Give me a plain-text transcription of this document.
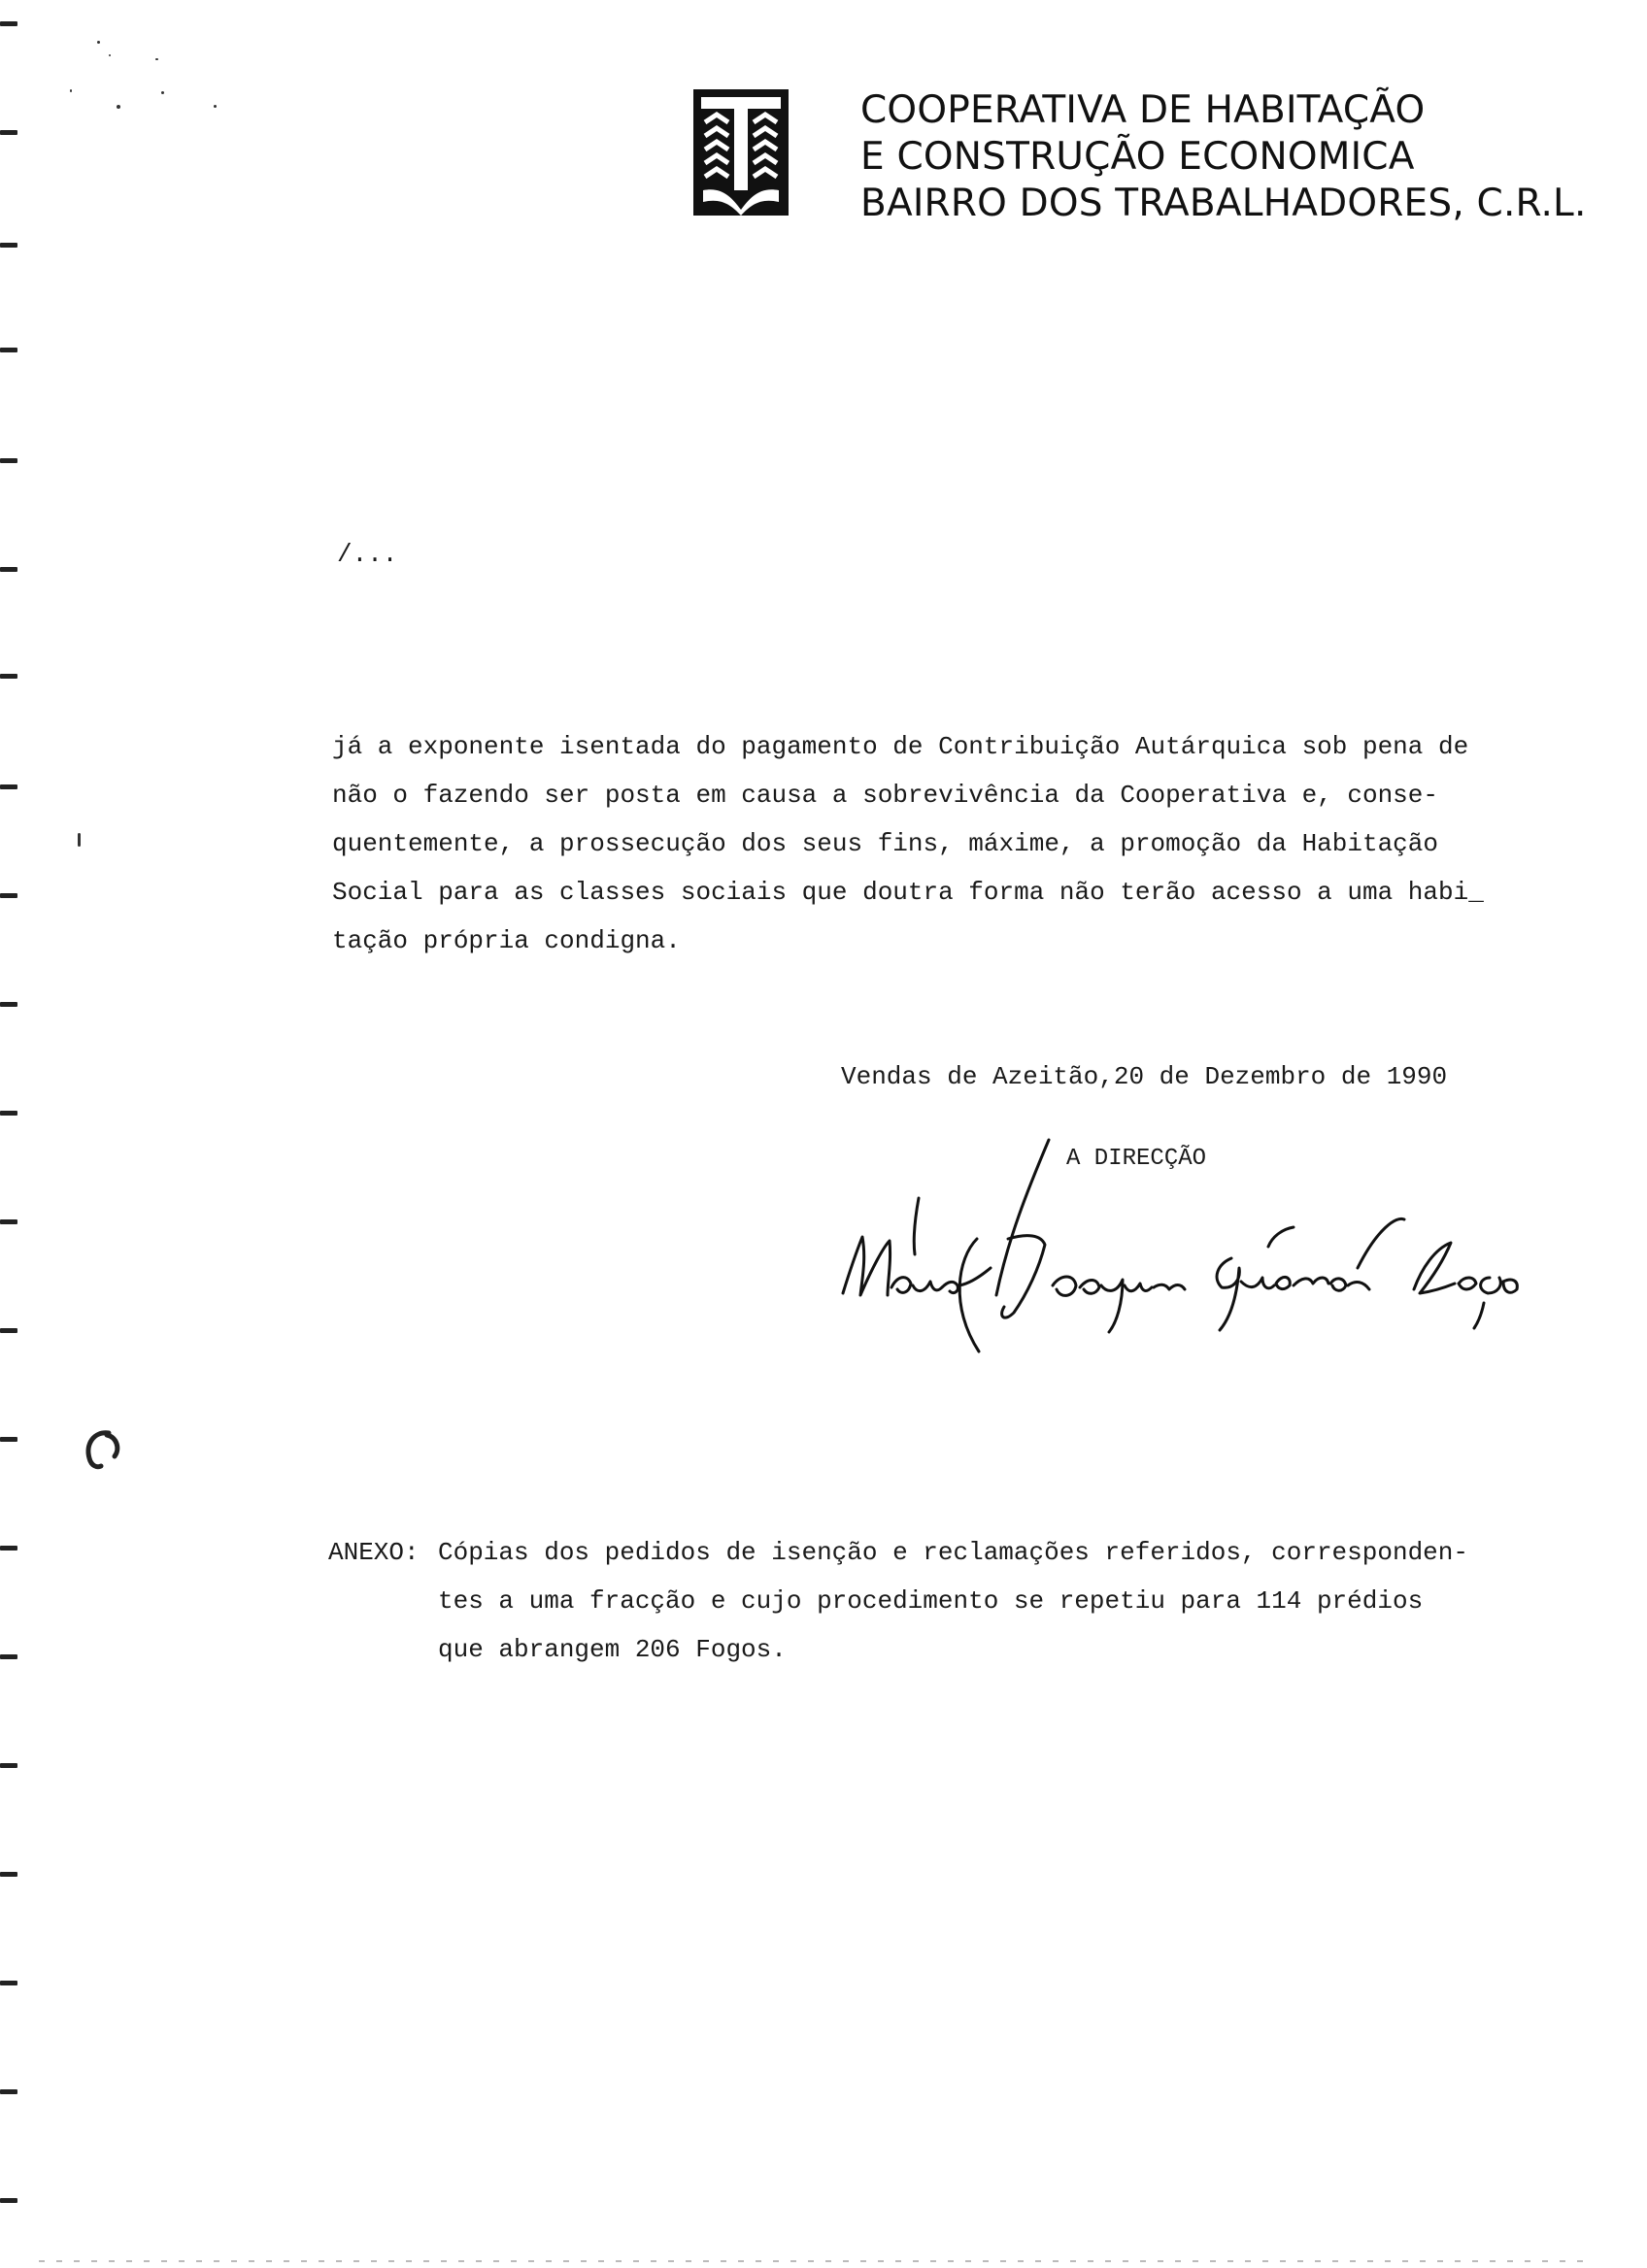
COOPERATIVA DE HABITAÇÃO
E CONSTRUÇÃO ECONOMICA
BAIRRO DOS TRABALHADORES, C.R.L.
/...
já a exponente isentada do pagamento de Contribuição Autárquica sob pena de
não o fazendo ser posta em causa a sobrevivência da Cooperativa e, conse-
quentemente, a prossecução dos seus fins, máxime, a promoção da Habitação
Social para as classes sociais que doutra forma não terão acesso a uma habi_
tação própria condigna.
Vendas de Azeitão,20 de Dezembro de 1990
A DIRECÇÃO
ANEXO: Cópias dos pedidos de isenção e reclamações referidos, corresponden-
tes a uma fracção e cujo procedimento se repetiu para 114 prédios
que abrangem 206 Fogos.
